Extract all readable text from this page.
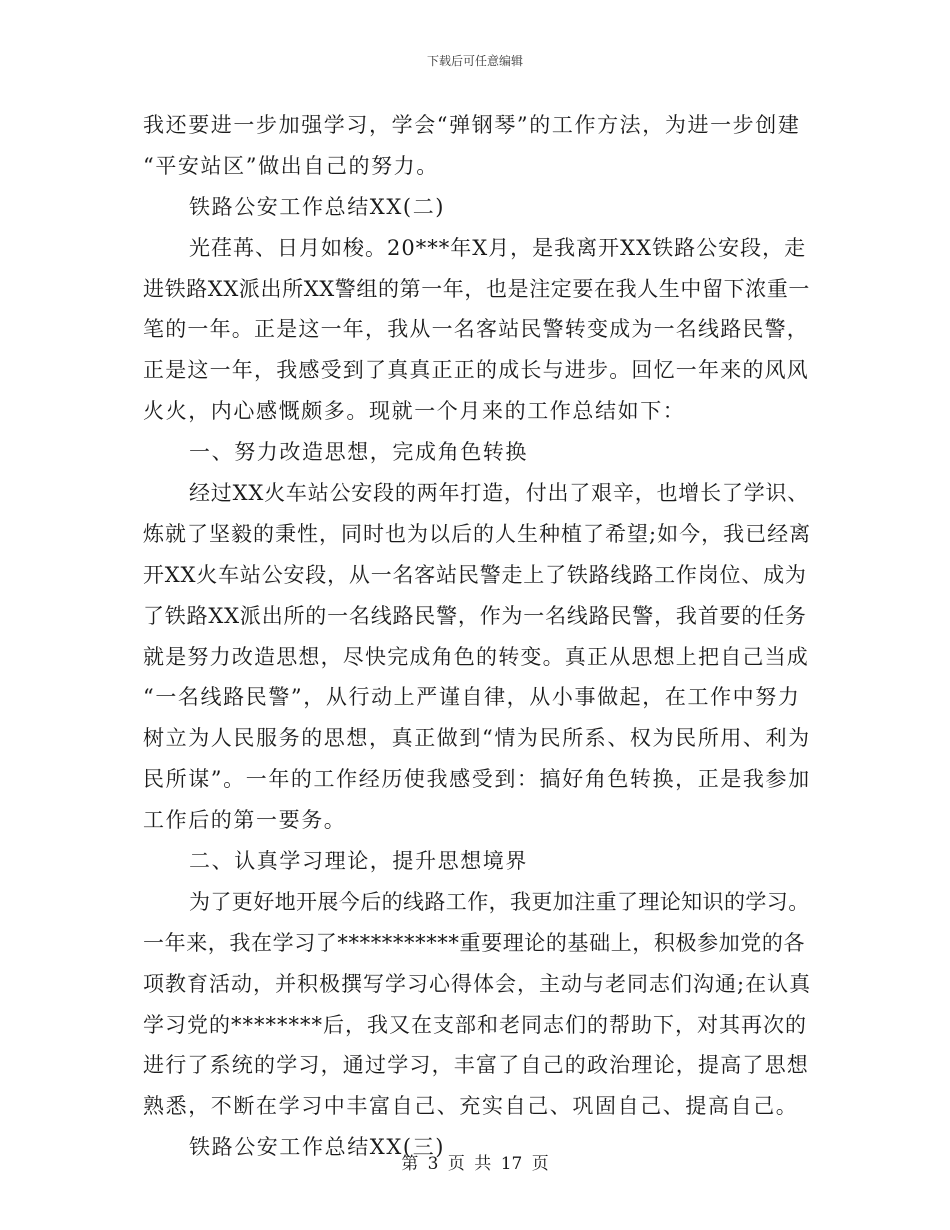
下载后可任意编辑
我还要进一步加强学习，学会“弹钢琴”的工作方法，为进一步创建
“平安站区”做出自己的努力。
铁路公安工作总结XX(二)
光荏苒、日月如梭。20***年X月，是我离开XX铁路公安段，走
进铁路XX派出所XX警组的第一年，也是注定要在我人生中留下浓重一
笔的一年。正是这一年，我从一名客站民警转变成为一名线路民警，
正是这一年，我感受到了真真正正的成长与进步。回忆一年来的风风
火火，内心感慨颇多。现就一个月来的工作总结如下：
一、努力改造思想，完成角色转换
经过XX火车站公安段的两年打造，付出了艰辛，也增长了学识、
炼就了坚毅的秉性，同时也为以后的人生种植了希望;如今，我已经离
开XX火车站公安段，从一名客站民警走上了铁路线路工作岗位、成为
了铁路XX派出所的一名线路民警，作为一名线路民警，我首要的任务
就是努力改造思想，尽快完成角色的转变。真正从思想上把自己当成
“一名线路民警”，从行动上严谨自律，从小事做起，在工作中努力
树立为人民服务的思想，真正做到“情为民所系、权为民所用、利为
民所谋”。一年的工作经历使我感受到：搞好角色转换，正是我参加
工作后的第一要务。
二、认真学习理论，提升思想境界
为了更好地开展今后的线路工作，我更加注重了理论知识的学习。
一年来，我在学习了***********重要理论的基础上，积极参加党的各
项教育活动，并积极撰写学习心得体会，主动与老同志们沟通;在认真
学习党的********后，我又在支部和老同志们的帮助下，对其再次的
进行了系统的学习，通过学习，丰富了自己的政治理论，提高了思想
熟悉，不断在学习中丰富自己、充实自己、巩固自己、提高自己。
铁路公安工作总结XX(三)
第 3 页 共 17 页
